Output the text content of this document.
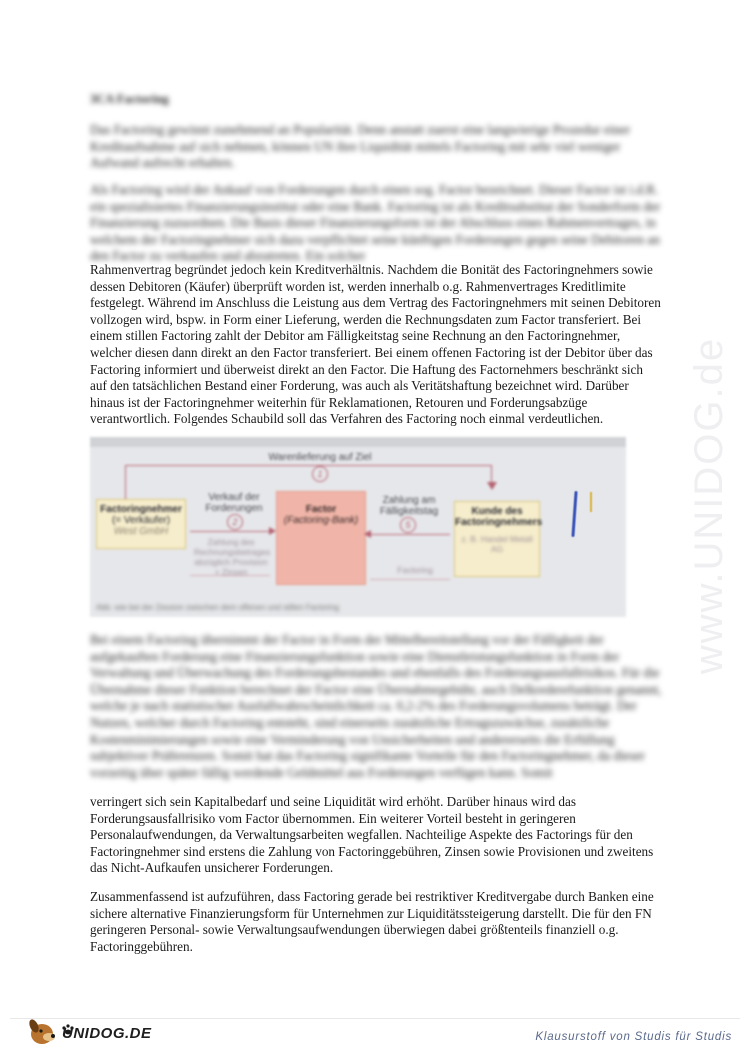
3CA Factoring

Das Factoring gewinnt zunehmend an Popularität. Denn anstatt zuerst eine langwierige Prozedur einer Kreditaufnahme auf sich nehmen, können UN ihre Liquidität mittels Factoring mit sehr viel weniger Aufwand aufrecht erhalten.

Als Factoring wird der Ankauf von Forderungen durch einen sog. Factor bezeichnet. Dieser Factor ist i.d.R. ein spezialisiertes Finanzierungsinstitut oder eine Bank. Factoring ist als Kreditsubstitut der Sonderform der Finanzierung zuzuordnen. Die Basis dieser Finanzierungsform ist der Abschluss eines Rahmenvertrages, in welchem der Factoringnehmer sich dazu verpflichtet seine künftigen Forderungen gegen seine Debitoren an den Factor zu verkaufen und abzutreten. Ein solcher

Rahmenvertrag begründet jedoch kein Kreditverhältnis. Nachdem die Bonität des Factoringnehmers sowie dessen Debitoren (Käufer) überprüft worden ist, werden innerhalb o.g. Rahmenvertrages Kreditlimite festgelegt. Während im Anschluss die Leistung aus dem Vertrag des Factoringnehmers mit seinen Debitoren vollzogen wird, bspw. in Form einer Lieferung, werden die Rechnungsdaten zum Factor transferiert. Bei einem stillen Factoring zahlt der Debitor am Fälligkeitstag seine Rechnung an den Factoringnehmer, welcher diesen dann direkt an den Factor transferiert. Bei einem offenen Factoring ist der Debitor über das Factoring informiert und überweist direkt an den Factor. Die Haftung des Factornehmers beschränkt sich auf den tatsächlichen Bestand einer Forderung, was auch als Veritätshaftung bezeichnet wird. Darüber hinaus ist der Factoringnehmer weiterhin für Reklamationen, Retouren und Forderungsabzüge verantwortlich. Folgendes Schaubild soll das Verfahren des Factoring noch einmal verdeutlichen.

Warenlieferung auf Ziel
1
Factoringnehmer
(= Verkäufer)
West GmbH
Verkauf der Forderungen
2
Factor
(Factoring-Bank)
Zahlung am Fälligkeitstag
5
Kunde des
Factoringnehmers
z. B. Handel Metall AG
Zahlung des Rechnungsbetrages abzüglich Provision + Zinsen	Factoring
Abb. wie bei der Zession zwischen dem offenen und stillen Factoring

Bei einem Factoring übernimmt der Factor in Form der Mittelbereitstellung vor der Fälligkeit der aufgekauften Forderung eine Finanzierungsfunktion sowie eine Dienstleistungsfunktion in Form der Verwaltung und Überwachung des Forderungsbestandes und ebenfalls des Forderungsausfallrisikos. Für die Übernahme dieser Funktion berechnet der Factor eine Übernahmegebühr, auch Delkrederefunktion genannt, welche je nach statistischer Ausfallwahrscheinlichkeit ca. 0,2-2% des Forderungsvolumens beträgt. Der Nutzen, welcher durch Factoring entsteht, sind einerseits zusätzliche Ertragszuwächse, zusätzliche Kostenminimierungen sowie eine Verminderung von Unsicherheiten und andererseits die Erfüllung subjektiver Präferenzen. Somit hat das Factoring signifikante Vorteile für den Factoringnehmer, da dieser vorzeitig über später fällig werdende Geldmittel aus Forderungen verfügen kann. Somit

verringert sich sein Kapitalbedarf und seine Liquidität wird erhöht. Darüber hinaus wird das Forderungsausfallrisiko vom Factor übernommen. Ein weiterer Vorteil besteht in geringeren Personalaufwendungen, da Verwaltungsarbeiten wegfallen. Nachteilige Aspekte des Factorings für den Factoringnehmer sind erstens die Zahlung von Factoringgebühren, Zinsen sowie Provisionen und zweitens das Nicht-Aufkaufen unsicherer Forderungen.

Zusammenfassend ist aufzuführen, dass Factoring gerade bei restriktiver Kreditvergabe durch Banken eine sichere alternative Finanzierungsform für Unternehmen zur Liquiditätssteigerung darstellt. Die für den FN geringeren Personal- sowie Verwaltungsaufwendungen überwiegen dabei größtenteils finanziell o.g. Factoringgebühren.

www.UNIDOG.de
UNIDOG.DE	Klausurstoff von Studis für Studis
